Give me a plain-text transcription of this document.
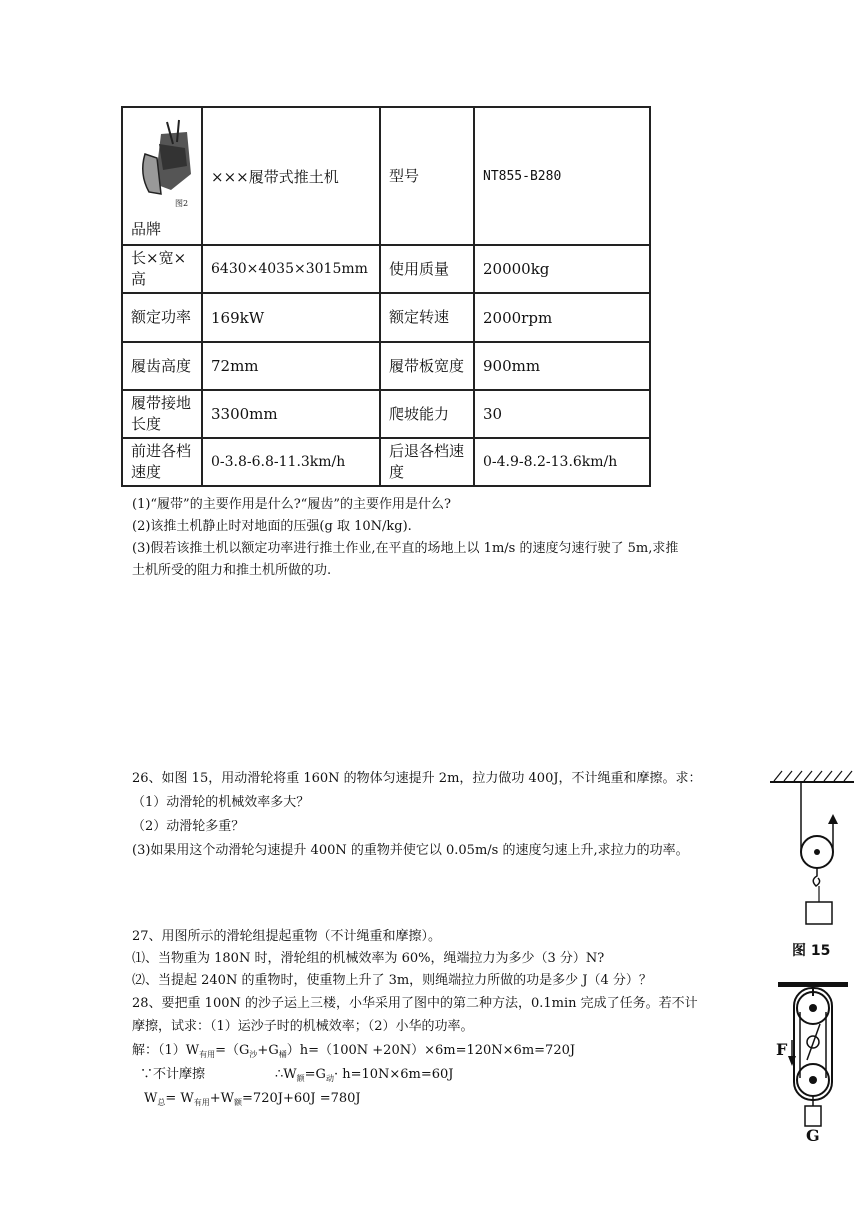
图2
品牌	×××履带式推土机	型号	NT855-B280
长×宽×高	6430×4035×3015mm	使用质量	20000kg
额定功率	169kW	额定转速	2000rpm
履齿高度	72mm	履带板宽度	900mm
履带接地长度	3300mm	爬坡能力	30
前进各档速度	0-3.8-6.8-11.3km/h	后退各档速度	0-4.9-8.2-13.6km/h
(1)“履带”的主要作用是什么?“履齿”的主要作用是什么?
(2)该推土机静止时对地面的压强(g 取 10N/kg).
(3)假若该推土机以额定功率进行推土作业,在平直的场地上以 1m/s 的速度匀速行驶了 5m,求推
土机所受的阻力和推土机所做的功.
26、如图 15，用动滑轮将重 160N 的物体匀速提升 2m，拉力做功 400J，不计绳重和摩擦。求：
（1）动滑轮的机械效率多大？
（2）动滑轮多重？
(3)如果用这个动滑轮匀速提升 400N 的重物并使它以 0.05m/s 的速度匀速上升,求拉力的功率。
27、用图所示的滑轮组提起重物（不计绳重和摩擦）。
⑴、当物重为 180N 时，滑轮组的机械效率为 60%，绳端拉力为多少（3 分）N?
⑵、当提起 240N 的重物时，使重物上升了 3m，则绳端拉力所做的功是多少 J（4 分）？
28、要把重 100N 的沙子运上三楼，小华采用了图中的第二种方法，0.1min 完成了任务。若不计
摩擦，试求：（1）运沙子时的机械效率；（2）小华的功率。
解：$(1)W_{有用}=(G_沙+G_桶)h=(100N +20N)\times 6m=120N\times 6m=720J$
∵不计摩擦	$\therefore W_额=G_动\cdot h=10N\times 6m=60J$
$W_总= W_{有用}+W_额=720J+60J =780J$
图 15
F
G
